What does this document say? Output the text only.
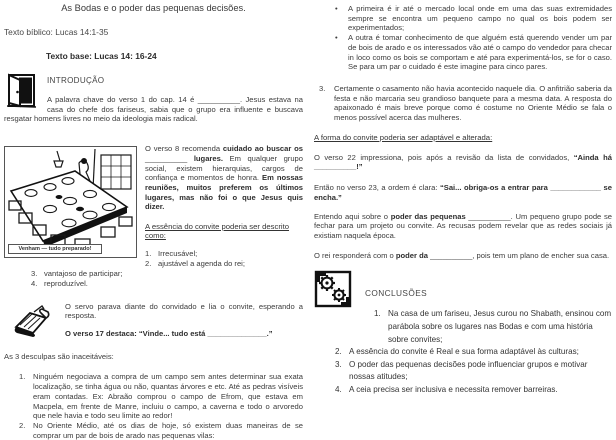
As Bodas e o poder das pequenas decisões.
Texto bíblico: Lucas 14:1-35
Texto base: Lucas 14: 16-24
INTRODUÇÃO
A palavra chave do verso 1 do cap. 14 é __________. Jesus estava na casa do chefe dos fariseus, sabia que o grupo era influente e buscava resgatar homens livres no meio da ideologia mais radical.
Venham — tudo preparado!
O verso 8 recomenda cuidado ao buscar os __________ lugares. Em qualquer grupo social, existem hierarquias, cargos de confiança e momentos de honra. Em nossas reuniões, muitos preferem os últimos lugares, mas não foi o que Jesus quis dizer.
A essência do convite poderia ser descrito como:
1. Irrecusável;
2. ajustável a agenda do rei;
3. vantajoso de participar;
4. reproduzível.
O servo parava diante do convidado e lia o convite, esperando a resposta.
O verso 17 destaca: “Vinde... tudo está ______________.”
As 3 desculpas são inaceitáveis:
1.	Ninguém negociava a compra de um campo sem antes determinar sua exata localização, se tinha água ou não, quantas árvores e etc. Até as pedras visíveis eram contadas. Ex: Abraão comprou o campo de Efrom, que estava em Macpela, em frente de Manre, incluiu o campo, a caverna e todo o arvoredo que nele havia e todo seu limite ao redor!
2.	No Oriente Médio, até os dias de hoje, só existem duas maneiras de se comprar um par de bois de arado nas pequenas vilas:
•	A primeira é ir até o mercado local onde em uma das suas extremidades sempre se encontra um pequeno campo no qual os bois podem ser experimentados;
•	A outra é tomar conhecimento de que alguém está querendo vender um par de bois de arado e os interessados vão até o campo do vendedor para checar in loco como os bois se comportam e até para experimentá-los, se for o caso. Se para um par o cuidado é este imagine para cinco pares.
3.	Certamente o casamento não havia acontecido naquele dia. O anfitrião saberia da festa e não marcaria seu grandioso banquete para a mesma data. A resposta do apaixonado é mais breve porque como é costume no Oriente Médio se fala o menos possível acerca das mulheres.
A forma do convite poderia ser adaptável e alterada:
O verso 22 impressiona, pois após a revisão da lista de convidados, “Ainda há __________!”
Então no verso 23, a ordem é clara: “Sai... obriga-os a entrar para ____________ se encha.”
Entendo aqui sobre o poder das pequenas __________. Um pequeno grupo pode se fechar para um projeto ou convite. As recusas podem revelar que as redes sociais já existiam naquela época.
O rei responderá com o poder da __________, pois tem um plano de encher sua casa.
CONCLUSÕES
1. Na casa de um fariseu, Jesus curou no Shabath, ensinou com parábola sobre os lugares nas Bodas e com uma história sobre convites;
2. A essência do convite é Real e sua forma adaptável às culturas;
3. O poder das pequenas decisões pode influenciar grupos e motivar nossas atitudes;
4. A ceia precisa ser inclusiva e necessita remover barreiras.
